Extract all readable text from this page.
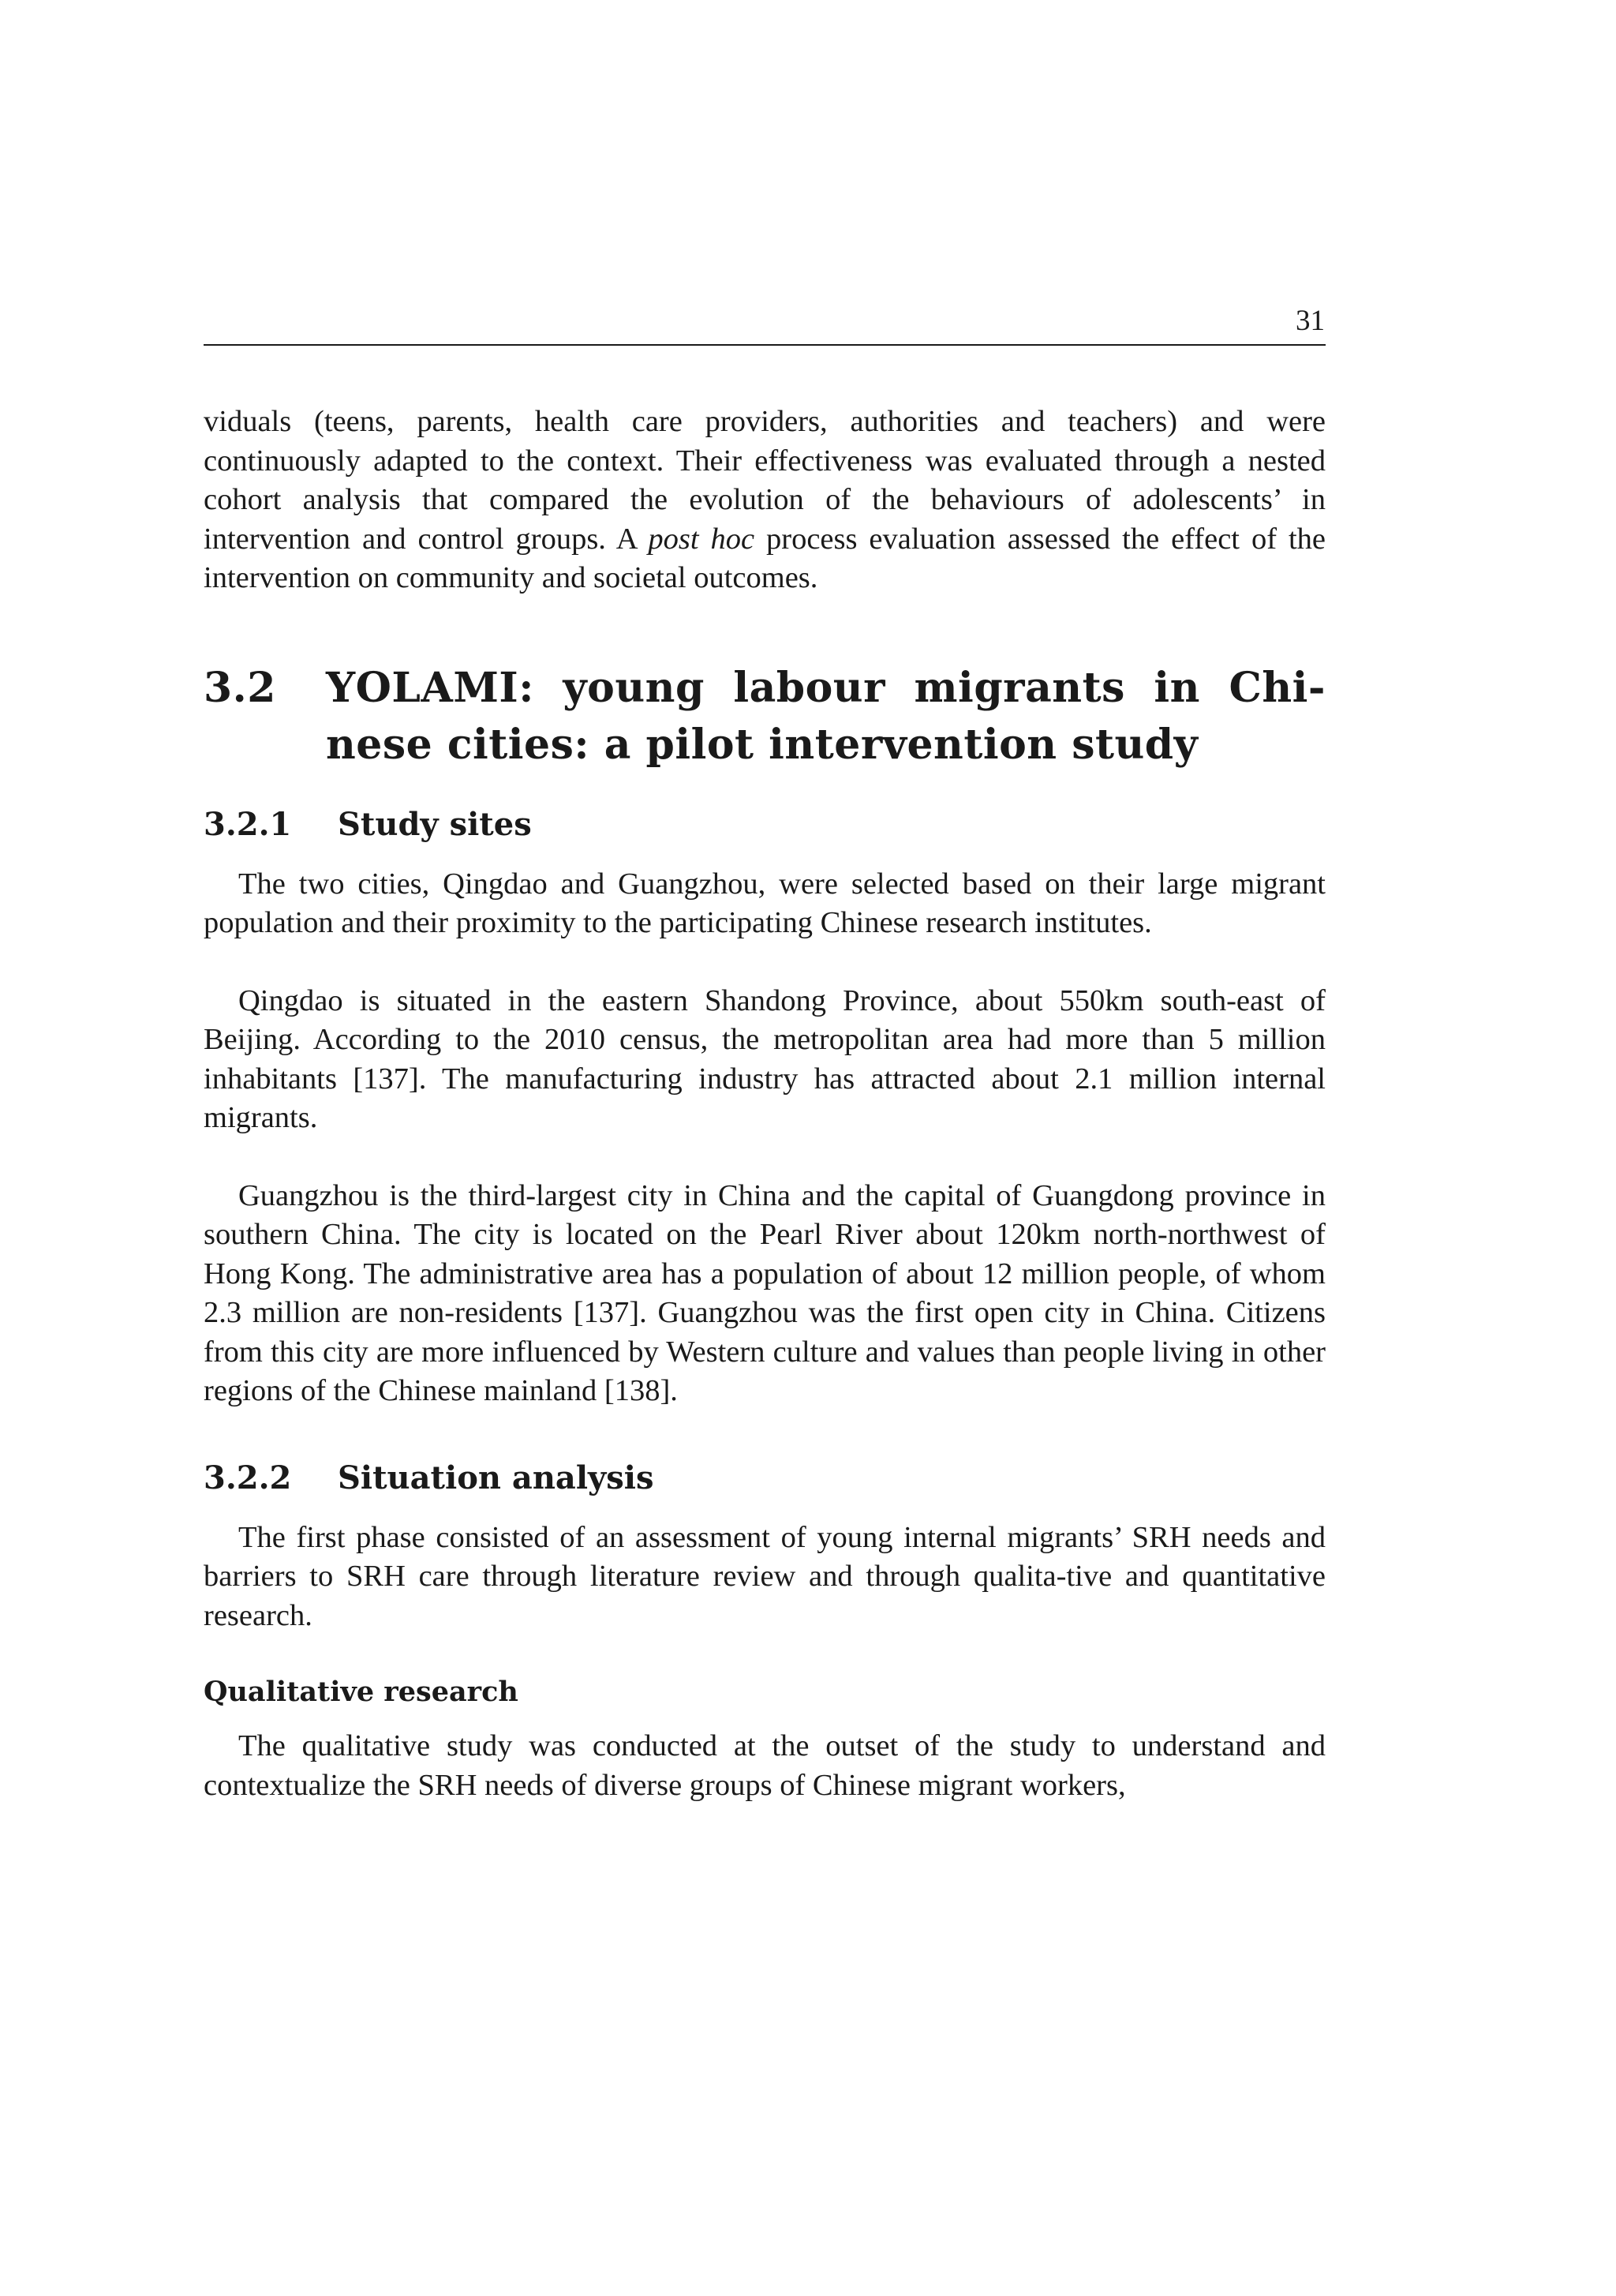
31

viduals (teens, parents, health care providers, authorities and teachers) and were continuously adapted to the context. Their effectiveness was evaluated through a nested cohort analysis that compared the evolution of the behaviours of adolescents’ in intervention and control groups. A post hoc process evaluation assessed the effect of the intervention on community and societal outcomes.

3.2	YOLAMI: young labour migrants in Chi- nese cities: a pilot intervention study
3.2.1	Study sites

The two cities, Qingdao and Guangzhou, were selected based on their large migrant population and their proximity to the participating Chinese research institutes.

Qingdao is situated in the eastern Shandong Province, about 550km south-east of Beijing. According to the 2010 census, the metropolitan area had more than 5 million inhabitants [137]. The manufacturing industry has attracted about 2.1 million internal migrants.

Guangzhou is the third-largest city in China and the capital of Guangdong province in southern China. The city is located on the Pearl River about 120km north-northwest of Hong Kong. The administrative area has a population of about 12 million people, of whom 2.3 million are non-residents [137]. Guangzhou was the first open city in China. Citizens from this city are more influenced by Western culture and values than people living in other regions of the Chinese mainland [138].

3.2.2	Situation analysis

The first phase consisted of an assessment of young internal migrants’ SRH needs and barriers to SRH care through literature review and through qualita-tive and quantitative research.

Qualitative research

The qualitative study was conducted at the outset of the study to understand and contextualize the SRH needs of diverse groups of Chinese migrant workers,
